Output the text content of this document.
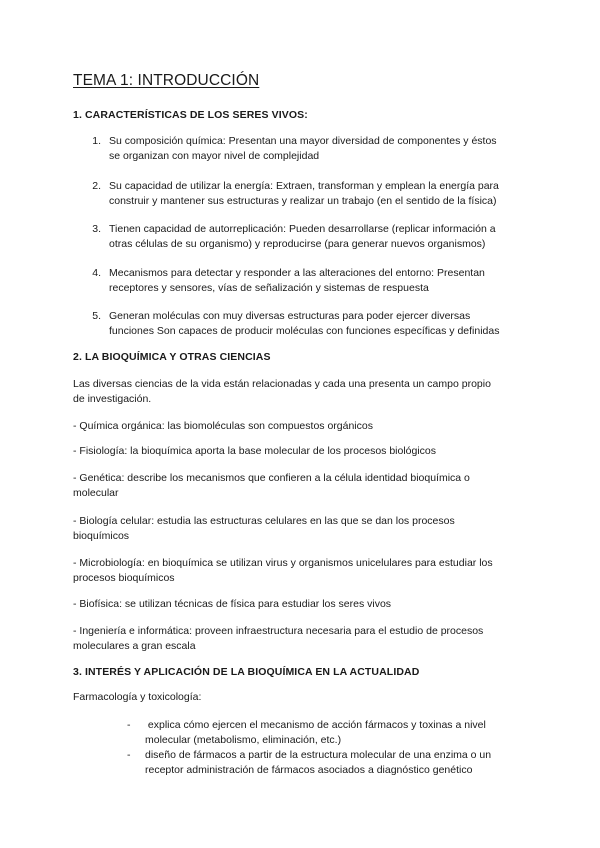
TEMA 1: INTRODUCCIÓN
1. CARACTERÍSTICAS DE LOS SERES VIVOS:
1. Su composición química: Presentan una mayor diversidad de componentes y éstos
se organizan con mayor nivel de complejidad
2. Su capacidad de utilizar la energía: Extraen, transforman y emplean la energía para
construir y mantener sus estructuras y realizar un trabajo (en el sentido de la física)
3. Tienen capacidad de autorreplicación: Pueden desarrollarse (replicar información a
otras células de su organismo) y reproducirse (para generar nuevos organismos)
4. Mecanismos para detectar y responder a las alteraciones del entorno: Presentan
receptores y sensores, vías de señalización y sistemas de respuesta
5. Generan moléculas con muy diversas estructuras para poder ejercer diversas
funciones Son capaces de producir moléculas con funciones específicas y definidas
2. LA BIOQUÍMICA Y OTRAS CIENCIAS
Las diversas ciencias de la vida están relacionadas y cada una presenta un campo propio
de investigación.
- Química orgánica: las biomoléculas son compuestos orgánicos
- Fisiología: la bioquímica aporta la base molecular de los procesos biológicos
- Genética: describe los mecanismos que confieren a la célula identidad bioquímica o
molecular
- Biología celular: estudia las estructuras celulares en las que se dan los procesos
bioquímicos
- Microbiología: en bioquímica se utilizan virus y organismos unicelulares para estudiar los
procesos bioquímicos
- Biofísica: se utilizan técnicas de física para estudiar los seres vivos
- Ingeniería e informática: proveen infraestructura necesaria para el estudio de procesos
moleculares a gran escala
3. INTERÉS Y APLICACIÓN DE LA BIOQUÍMICA EN LA ACTUALIDAD
Farmacología y toxicología:
- explica cómo ejercen el mecanismo de acción fármacos y toxinas a nivel
molecular (metabolismo, eliminación, etc.)
- diseño de fármacos a partir de la estructura molecular de una enzima o un
receptor administración de fármacos asociados a diagnóstico genético
